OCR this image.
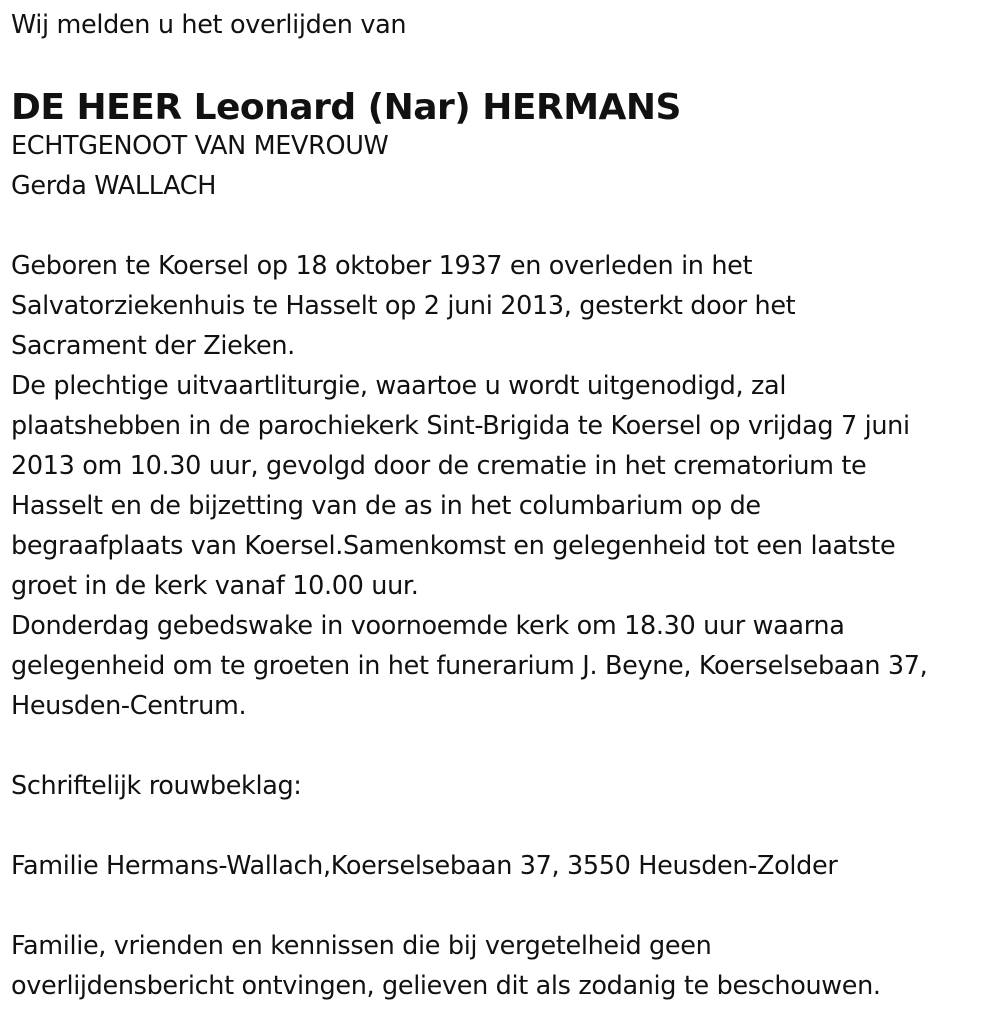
Wij melden u het overlijden van
DE HEER Leonard (Nar) HERMANS
ECHTGENOOT VAN MEVROUW
Gerda WALLACH
Geboren te Koersel op 18 oktober 1937 en overleden in het
Salvatorziekenhuis te Hasselt op 2 juni 2013, gesterkt door het
Sacrament der Zieken.
De plechtige uitvaartliturgie, waartoe u wordt uitgenodigd, zal
plaatshebben in de parochiekerk Sint-Brigida te Koersel op vrijdag 7 juni
2013 om 10.30 uur, gevolgd door de crematie in het crematorium te
Hasselt en de bijzetting van de as in het columbarium op de
begraafplaats van Koersel.Samenkomst en gelegenheid tot een laatste
groet in de kerk vanaf 10.00 uur.
Donderdag gebedswake in voornoemde kerk om 18.30 uur waarna
gelegenheid om te groeten in het funerarium J. Beyne, Koerselsebaan 37,
Heusden-Centrum.
Schriftelijk rouwbeklag:
Familie Hermans-Wallach,Koerselsebaan 37, 3550 Heusden-Zolder
Familie, vrienden en kennissen die bij vergetelheid geen
overlijdensbericht ontvingen, gelieven dit als zodanig te beschouwen.
